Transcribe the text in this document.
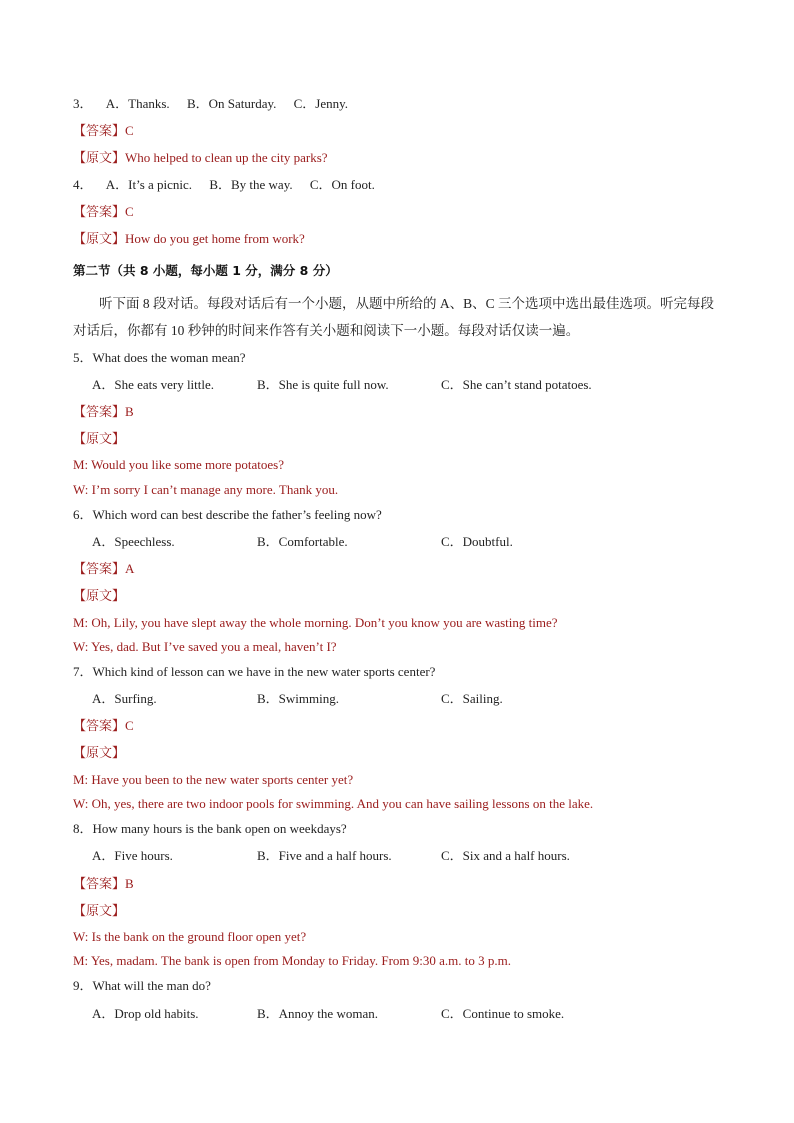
3． A．Thanks. B．On Saturday. C．Jenny.
【答案】C
【原文】Who helped to clean up the city parks?
4． A．It’s a picnic. B．By the way. C．On foot.
【答案】C
【原文】How do you get home from work?
第二节（共 8 小题，每小题 1 分，满分 8 分）
听下面 8 段对话。每段对话后有一个小题，从题中所给的 A、B、C 三个选项中选出最佳选项。听完每段对话后，你都有 10 秒钟的时间来作答有关小题和阅读下一小题。每段对话仅读一遍。
5．What does the woman mean?
A．She eats very little.	B．She is quite full now.	C．She can’t stand potatoes.
【答案】B
【原文】
M: Would you like some more potatoes?
W: I’m sorry I can’t manage any more. Thank you.
6．Which word can best describe the father’s feeling now?
A．Speechless.	B．Comfortable.	C．Doubtful.
【答案】A
【原文】
M: Oh, Lily, you have slept away the whole morning. Don’t you know you are wasting time?
W: Yes, dad. But I’ve saved you a meal, haven’t I?
7．Which kind of lesson can we have in the new water sports center?
A．Surfing.	B．Swimming.	C．Sailing.
【答案】C
【原文】
M: Have you been to the new water sports center yet?
W: Oh, yes, there are two indoor pools for swimming. And you can have sailing lessons on the lake.
8．How many hours is the bank open on weekdays?
A．Five hours.	B．Five and a half hours.	C．Six and a half hours.
【答案】B
【原文】
W: Is the bank on the ground floor open yet?
M: Yes, madam. The bank is open from Monday to Friday. From 9:30 a.m. to 3 p.m.
9．What will the man do?
A．Drop old habits.	B．Annoy the woman.	C．Continue to smoke.
